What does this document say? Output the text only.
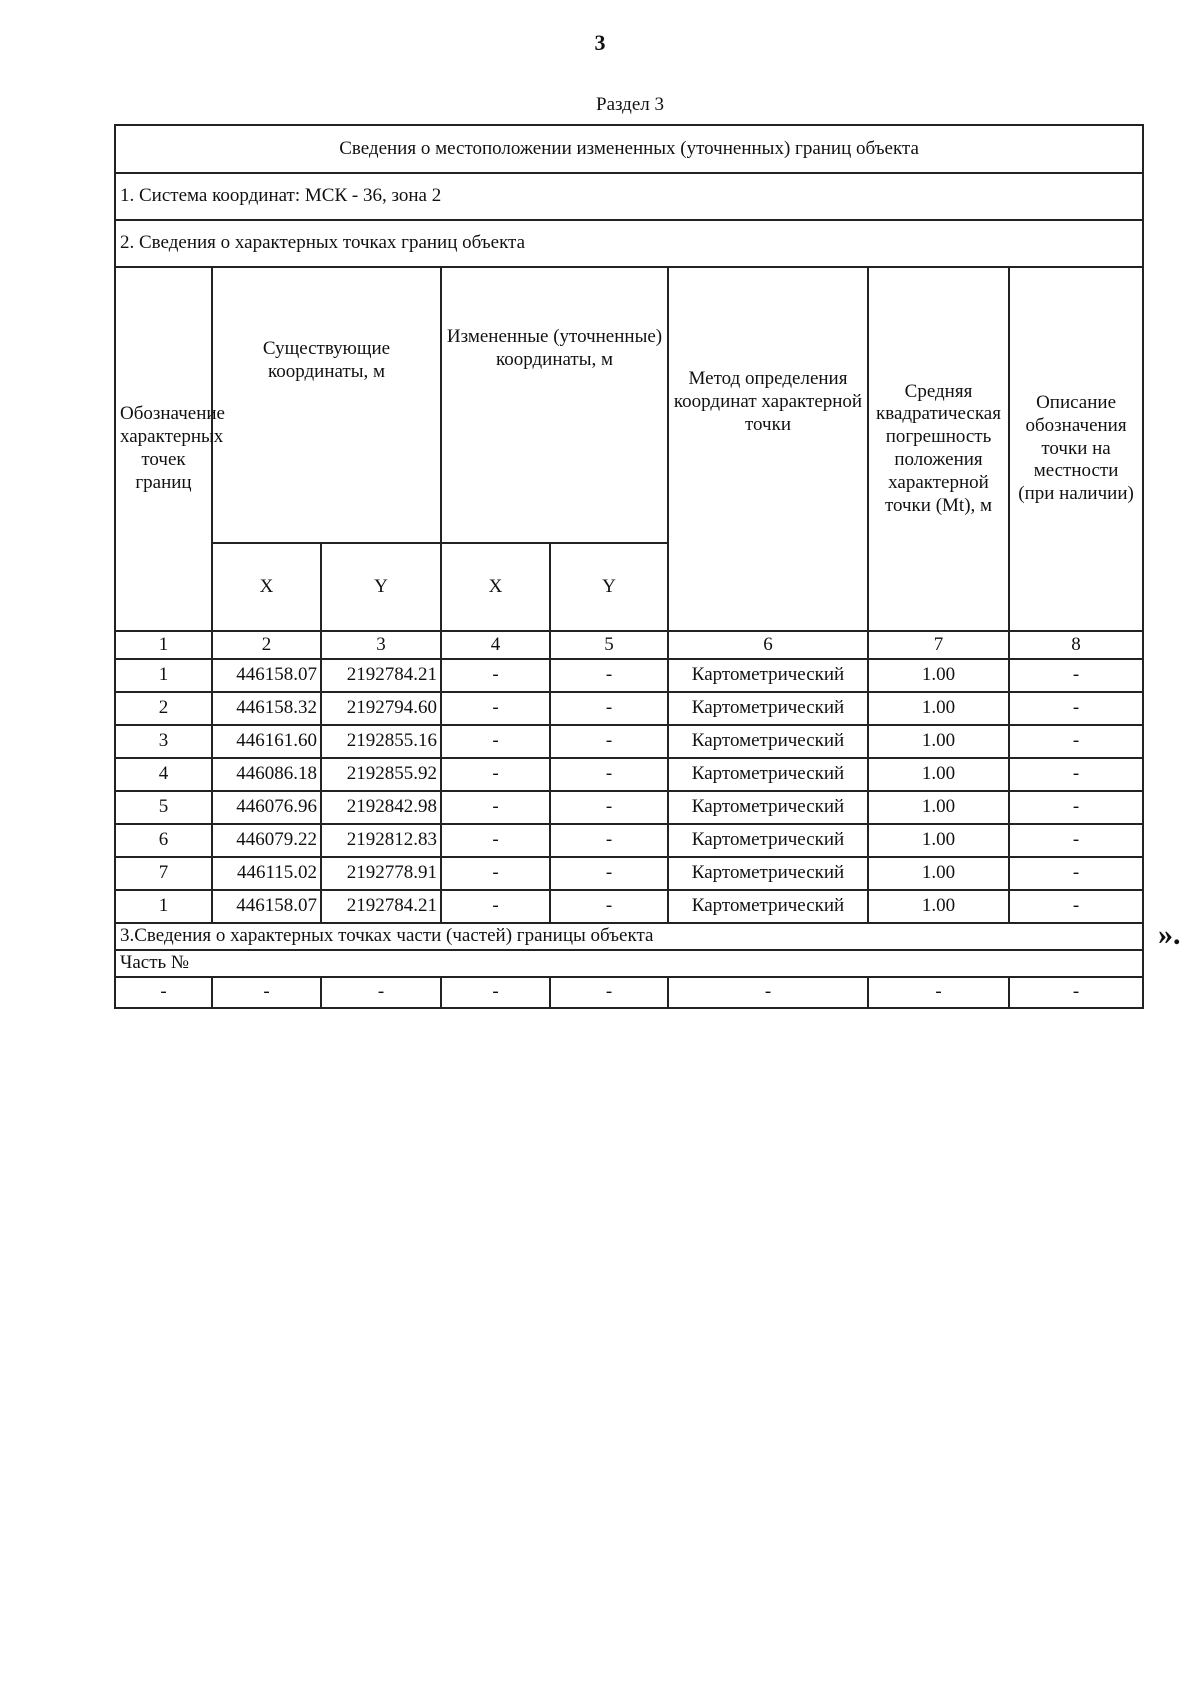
3
Раздел 3
Сведения о местоположении измененных (уточненных) границ объекта							
1. Система координат: МСК - 36, зона 2							
2. Сведения о характерных точках границ объекта							
Обозначение характерных точек границ	Существующие координаты, м		Измененные (уточненные) координаты, м		Метод определения координат характерной точки	Средняя квадратическая погрешность положения характерной точки (Mt), м	Описание обозначения точки на местности (при наличии)
	X	Y	X	Y			
1	2	3	4	5	6	7	8
1	446158.07	2192784.21	-	-	Картометрический	1.00	-
2	446158.32	2192794.60	-	-	Картометрический	1.00	-
3	446161.60	2192855.16	-	-	Картометрический	1.00	-
4	446086.18	2192855.92	-	-	Картометрический	1.00	-
5	446076.96	2192842.98	-	-	Картометрический	1.00	-
6	446079.22	2192812.83	-	-	Картометрический	1.00	-
7	446115.02	2192778.91	-	-	Картометрический	1.00	-
1	446158.07	2192784.21	-	-	Картометрический	1.00	-
3.Сведения о характерных точках части (частей) границы объекта							
Часть №							
-	-	-	-	-	-	-	-
».
